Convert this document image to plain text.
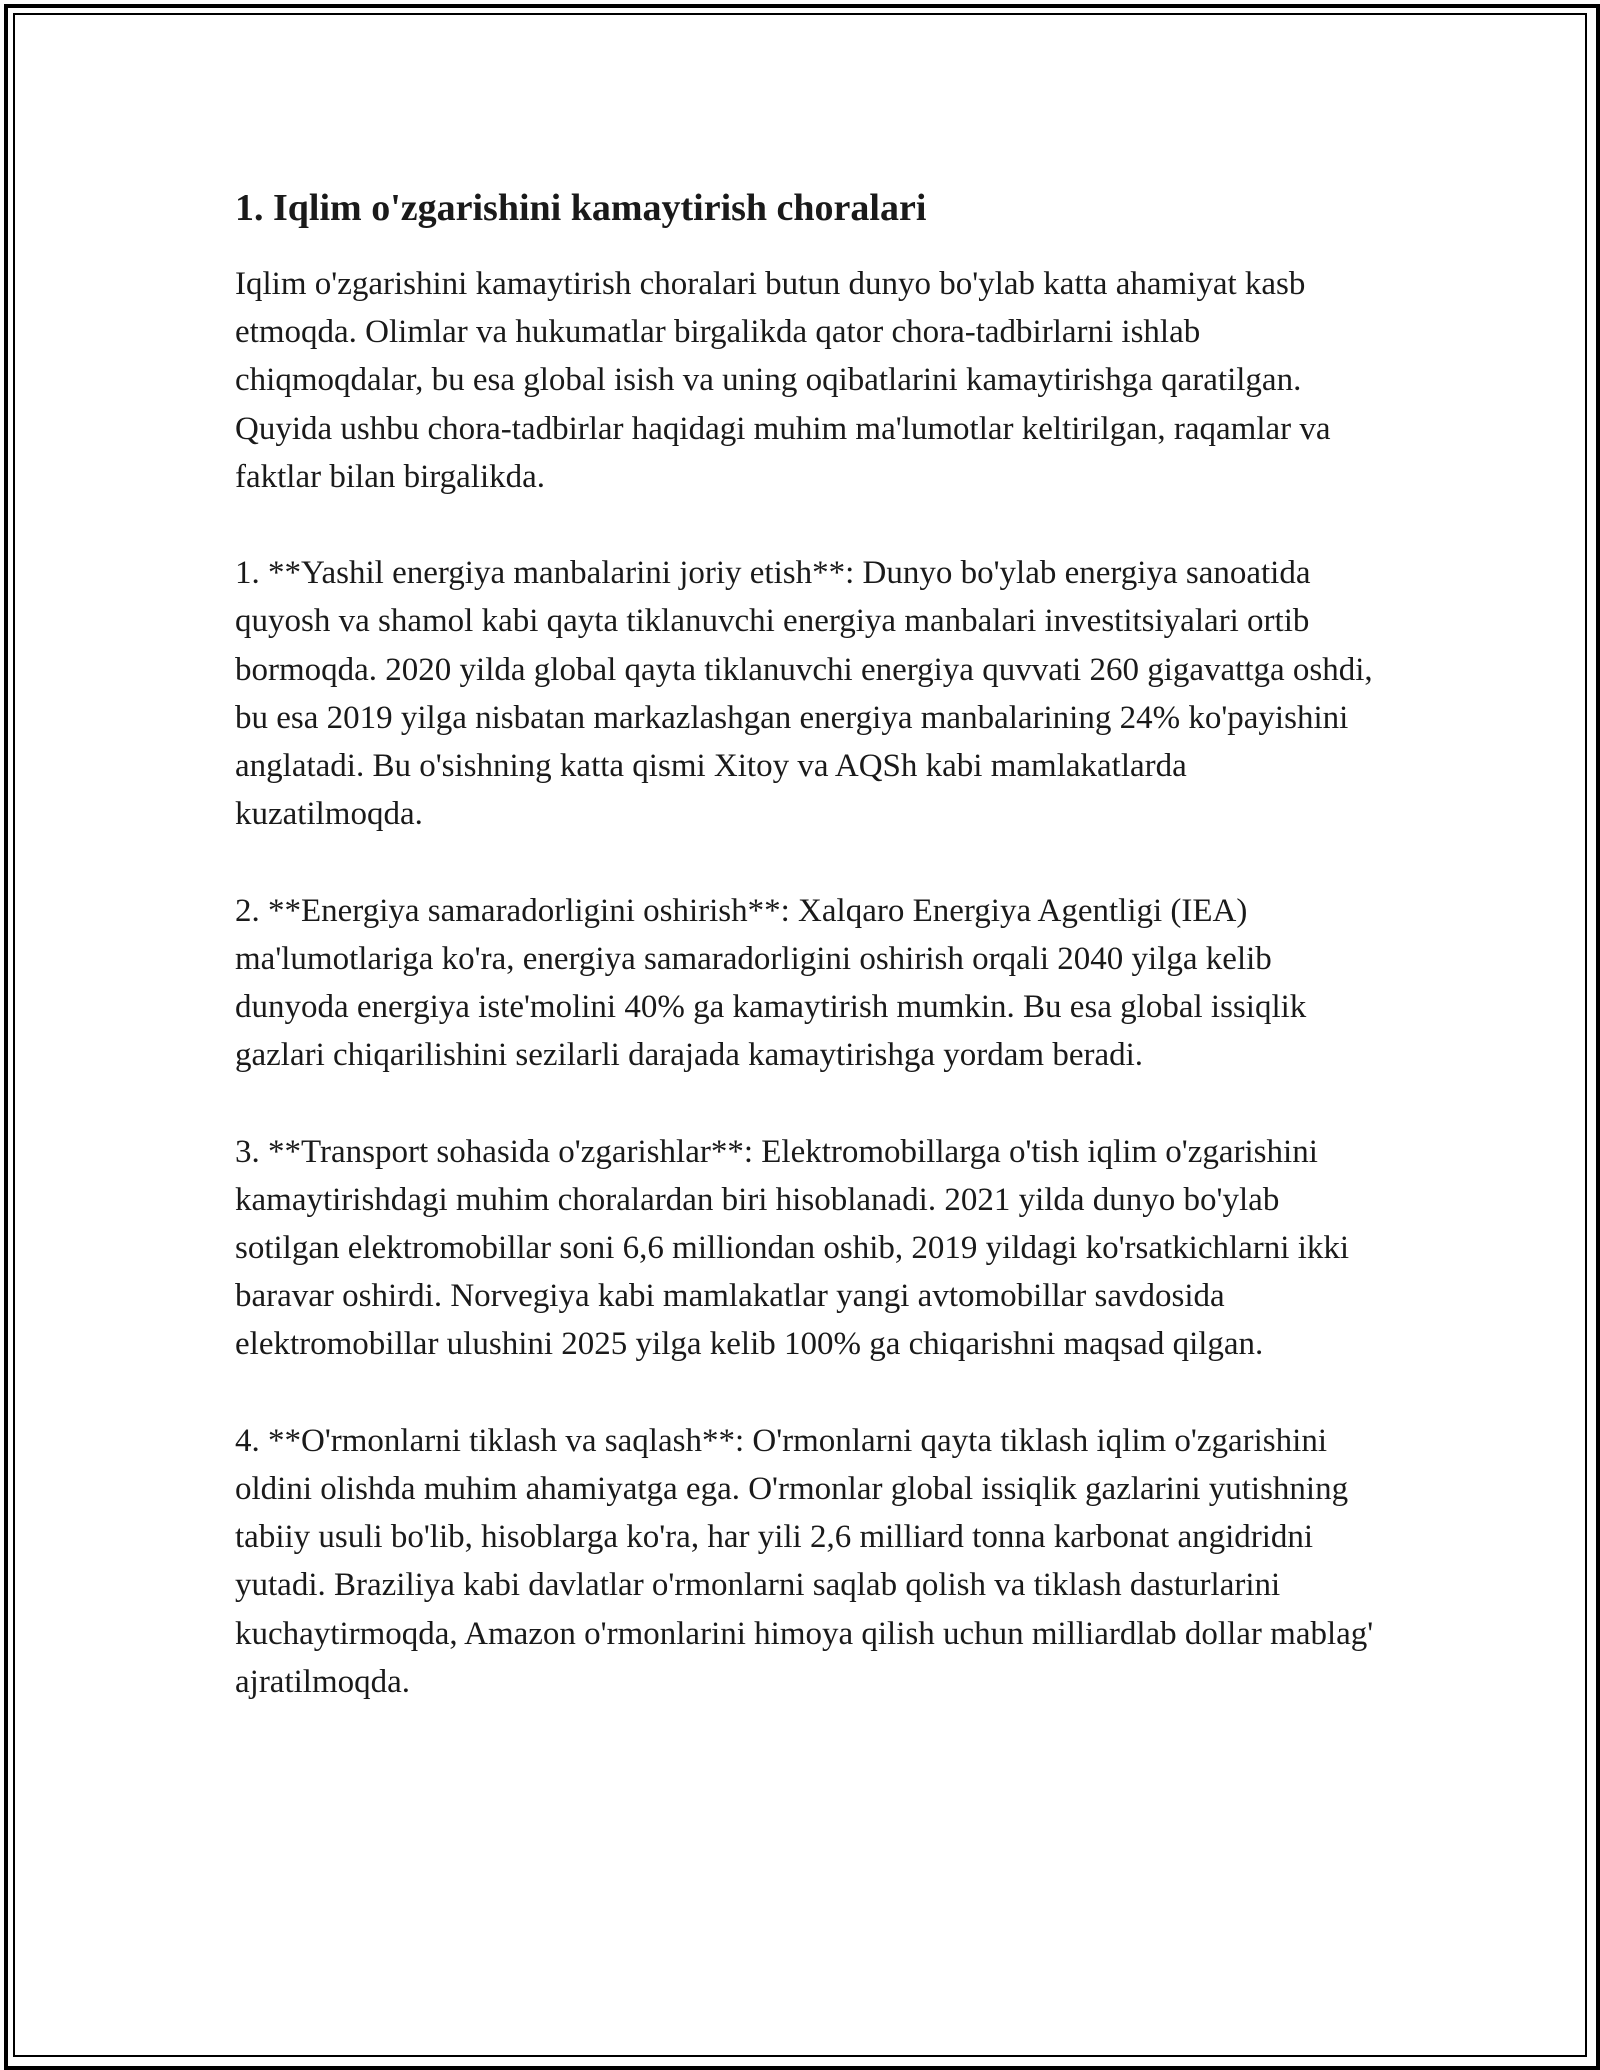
1. Iqlim o'zgarishini kamaytirish choralari

Iqlim o'zgarishini kamaytirish choralari butun dunyo bo'ylab katta ahamiyat kasb etmoqda. Olimlar va hukumatlar birgalikda qator chora-tadbirlarni ishlab chiqmoqdalar, bu esa global isish va uning oqibatlarini kamaytirishga qaratilgan. Quyida ushbu chora-tadbirlar haqidagi muhim ma'lumotlar keltirilgan, raqamlar va faktlar bilan birgalikda.

1. **Yashil energiya manbalarini joriy etish**: Dunyo bo'ylab energiya sanoatida quyosh va shamol kabi qayta tiklanuvchi energiya manbalari investitsiyalari ortib bormoqda. 2020 yilda global qayta tiklanuvchi energiya quvvati 260 gigavattga oshdi, bu esa 2019 yilga nisbatan markazlashgan energiya manbalarining 24% ko'payishini anglatadi. Bu o'sishning katta qismi Xitoy va AQSh kabi mamlakatlarda kuzatilmoqda.

2. **Energiya samaradorligini oshirish**: Xalqaro Energiya Agentligi (IEA) ma'lumotlariga ko'ra, energiya samaradorligini oshirish orqali 2040 yilga kelib dunyoda energiya iste'molini 40% ga kamaytirish mumkin. Bu esa global issiqlik gazlari chiqarilishini sezilarli darajada kamaytirishga yordam beradi.

3. **Transport sohasida o'zgarishlar**: Elektromobillarga o'tish iqlim o'zgarishini kamaytirishdagi muhim choralardan biri hisoblanadi. 2021 yilda dunyo bo'ylab sotilgan elektromobillar soni 6,6 milliondan oshib, 2019 yildagi ko'rsatkichlarni ikki baravar oshirdi. Norvegiya kabi mamlakatlar yangi avtomobillar savdosida elektromobillar ulushini 2025 yilga kelib 100% ga chiqarishni maqsad qilgan.

4. **O'rmonlarni tiklash va saqlash**: O'rmonlarni qayta tiklash iqlim o'zgarishini oldini olishda muhim ahamiyatga ega. O'rmonlar global issiqlik gazlarini yutishning tabiiy usuli bo'lib, hisoblarga ko'ra, har yili 2,6 milliard tonna karbonat angidridni yutadi. Braziliya kabi davlatlar o'rmonlarni saqlab qolish va tiklash dasturlarini kuchaytirmoqda, Amazon o'rmonlarini himoya qilish uchun milliardlab dollar mablag' ajratilmoqda.
